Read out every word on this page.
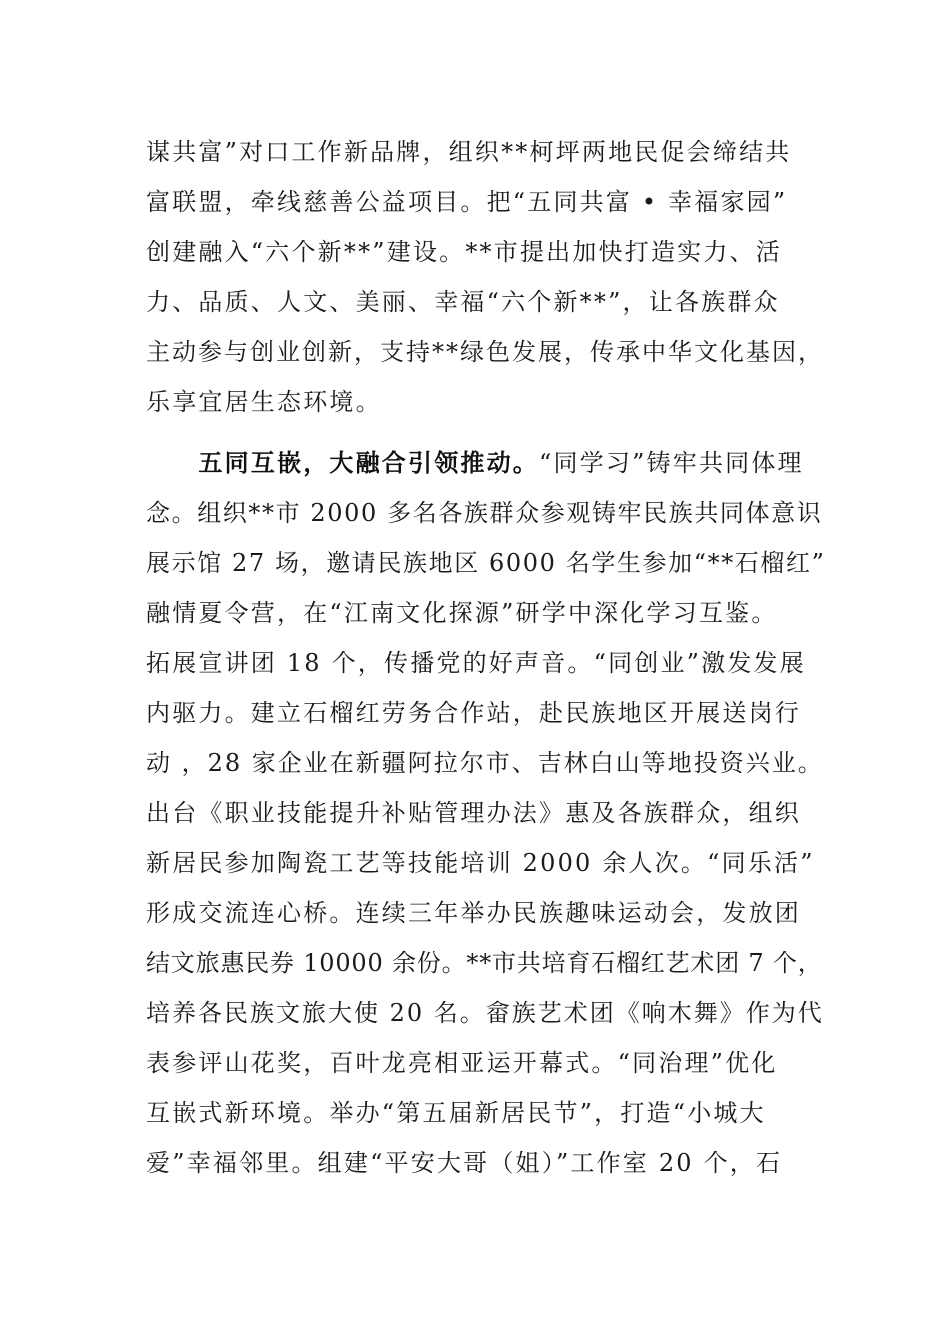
谋共富”对口工作新品牌，组织**柯坪两地民促会缔结共
富联盟，牵线慈善公益项目。把“五同共富 • 幸福家园”
创建融入“六个新**”建设。**市提出加快打造实力、活
力、品质、人文、美丽、幸福“六个新**”，让各族群众
主动参与创业创新，支持**绿色发展，传承中华文化基因，
乐享宜居生态环境。
　　五同互嵌，大融合引领推动。“同学习”铸牢共同体理
念。组织**市 2000 多名各族群众参观铸牢民族共同体意识
展示馆 27 场，邀请民族地区 6000 名学生参加“**石榴红”
融情夏令营，在“江南文化探源”研学中深化学习互鉴。
拓展宣讲团 18 个，传播党的好声音。“同创业”激发发展
内驱力。建立石榴红劳务合作站，赴民族地区开展送岗行
动 ，28 家企业在新疆阿拉尔市、吉林白山等地投资兴业。
出台《职业技能提升补贴管理办法》惠及各族群众，组织
新居民参加陶瓷工艺等技能培训 2000 余人次。“同乐活”
形成交流连心桥。连续三年举办民族趣味运动会，发放团
结文旅惠民券 10000 余份。**市共培育石榴红艺术团 7 个，
培养各民族文旅大使 20 名。畲族艺术团《响木舞》作为代
表参评山花奖，百叶龙亮相亚运开幕式。“同治理”优化
互嵌式新环境。举办“第五届新居民节”，打造“小城大
爱”幸福邻里。组建“平安大哥（姐）”工作室 20 个，石
